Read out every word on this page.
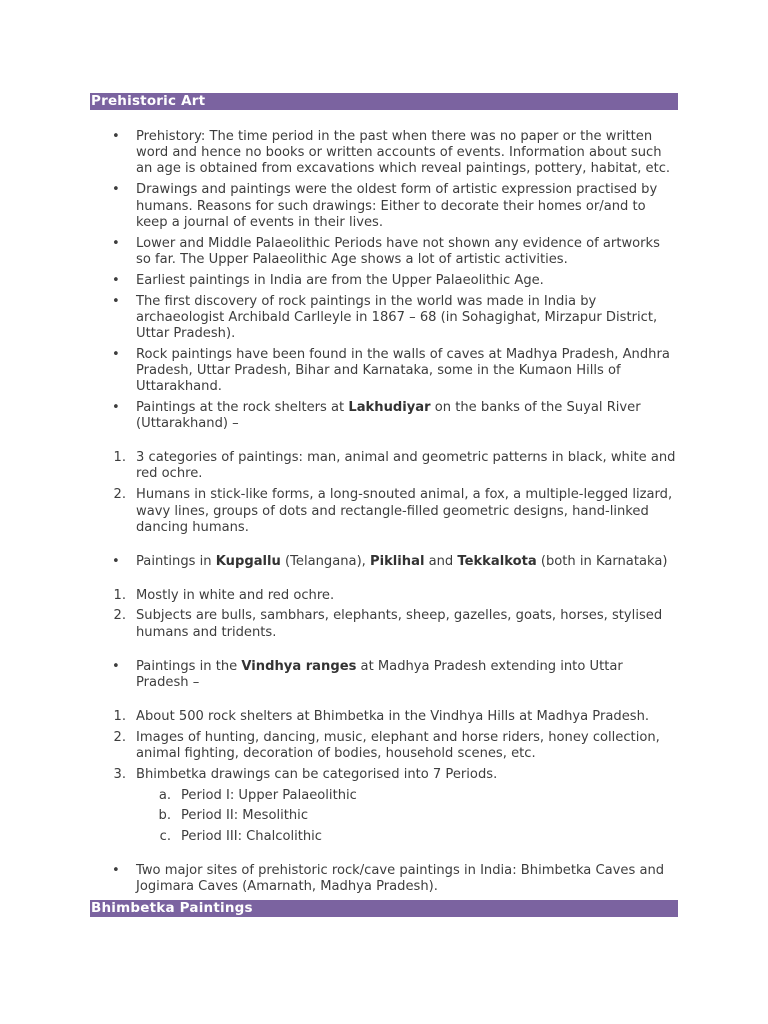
Prehistoric Art
• Prehistory: The time period in the past when there was no paper or the written word and hence no books or written accounts of events. Information about such an age is obtained from excavations which reveal paintings, pottery, habitat, etc.
• Drawings and paintings were the oldest form of artistic expression practised by humans. Reasons for such drawings: Either to decorate their homes or/and to keep a journal of events in their lives.
• Lower and Middle Palaeolithic Periods have not shown any evidence of artworks so far. The Upper Palaeolithic Age shows a lot of artistic activities.
• Earliest paintings in India are from the Upper Palaeolithic Age.
• The first discovery of rock paintings in the world was made in India by archaeologist Archibald Carlleyle in 1867 – 68 (in Sohagighat, Mirzapur District, Uttar Pradesh).
• Rock paintings have been found in the walls of caves at Madhya Pradesh, Andhra Pradesh, Uttar Pradesh, Bihar and Karnataka, some in the Kumaon Hills of Uttarakhand.
• Paintings at the rock shelters at Lakhudiyar on the banks of the Suyal River (Uttarakhand) –
1. 3 categories of paintings: man, animal and geometric patterns in black, white and red ochre.
2. Humans in stick-like forms, a long-snouted animal, a fox, a multiple-legged lizard, wavy lines, groups of dots and rectangle-filled geometric designs, hand-linked dancing humans.
• Paintings in Kupgallu (Telangana), Piklihal and Tekkalkota (both in Karnataka)
1. Mostly in white and red ochre.
2. Subjects are bulls, sambhars, elephants, sheep, gazelles, goats, horses, stylised humans and tridents.
• Paintings in the Vindhya ranges at Madhya Pradesh extending into Uttar Pradesh –
1. About 500 rock shelters at Bhimbetka in the Vindhya Hills at Madhya Pradesh.
2. Images of hunting, dancing, music, elephant and horse riders, honey collection, animal fighting, decoration of bodies, household scenes, etc.
3. Bhimbetka drawings can be categorised into 7 Periods.
a. Period I: Upper Palaeolithic
b. Period II: Mesolithic
c. Period III: Chalcolithic
• Two major sites of prehistoric rock/cave paintings in India: Bhimbetka Caves and Jogimara Caves (Amarnath, Madhya Pradesh).
Bhimbetka Paintings
